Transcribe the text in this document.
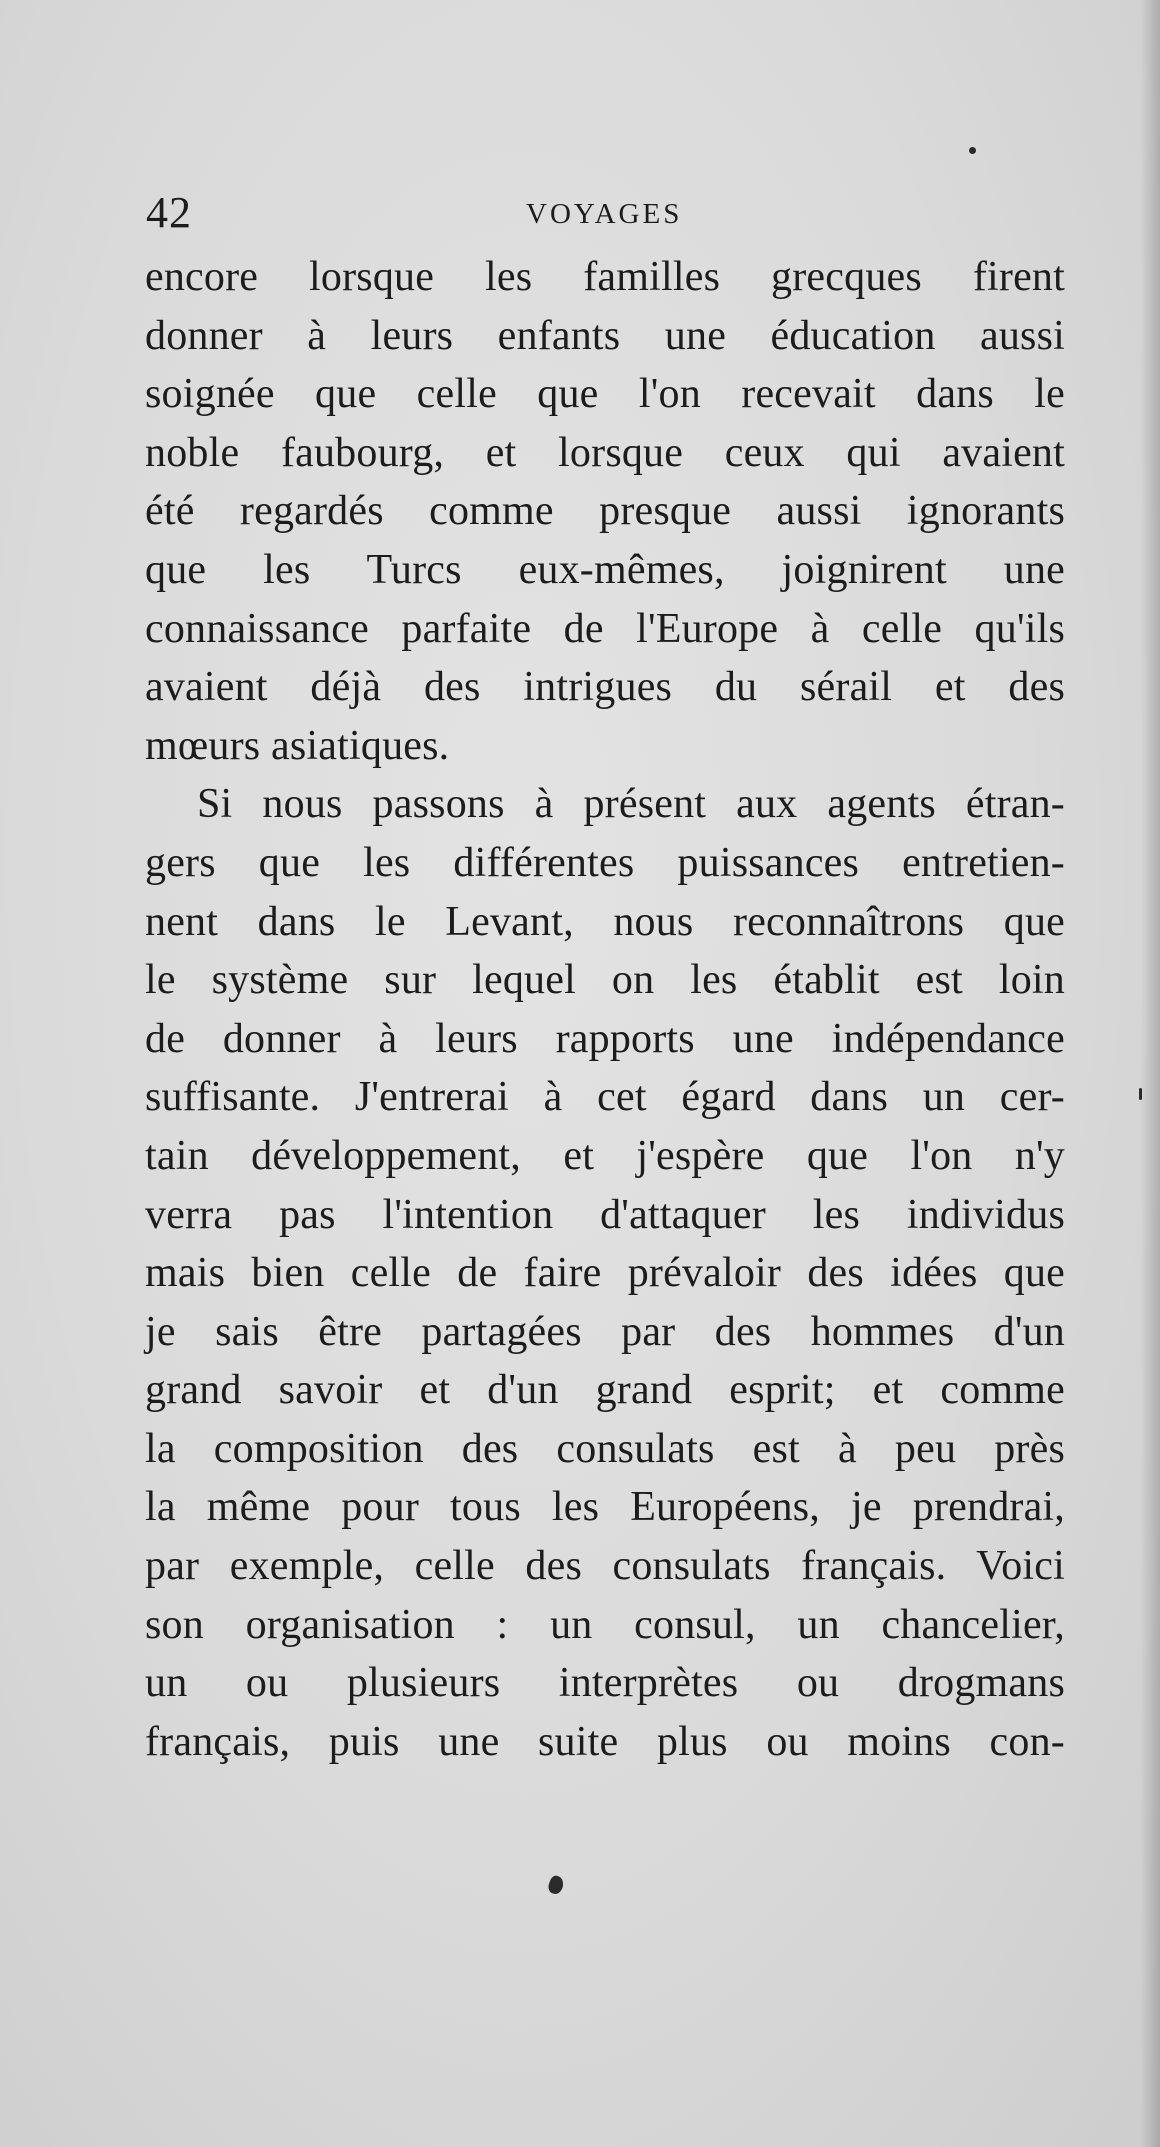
42	VOYAGES
encore lorsque les familles grecques firent
donner à leurs enfants une éducation aussi
soignée que celle que l'on recevait dans le
noble faubourg, et lorsque ceux qui avaient
été regardés comme presque aussi ignorants
que les Turcs eux-mêmes, joignirent une
connaissance parfaite de l'Europe à celle qu'ils
avaient déjà des intrigues du sérail et des
mœurs asiatiques.
Si nous passons à présent aux agents étran-
gers que les différentes puissances entretien-
nent dans le Levant, nous reconnaîtrons que
le système sur lequel on les établit est loin
de donner à leurs rapports une indépendance
suffisante. J'entrerai à cet égard dans un cer-
tain développement, et j'espère que l'on n'y
verra pas l'intention d'attaquer les individus
mais bien celle de faire prévaloir des idées que
je sais être partagées par des hommes d'un
grand savoir et d'un grand esprit; et comme
la composition des consulats est à peu près
la même pour tous les Européens, je prendrai,
par exemple, celle des consulats français. Voici
son organisation : un consul, un chancelier,
un ou plusieurs interprètes ou drogmans
français, puis une suite plus ou moins con-
